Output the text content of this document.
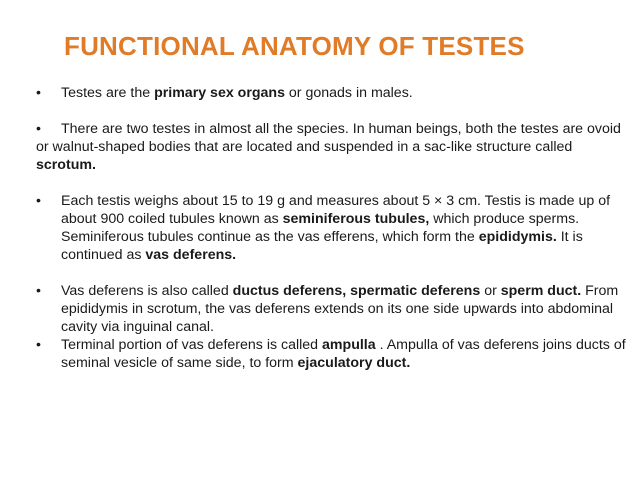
FUNCTIONAL ANATOMY OF TESTES
• Testes are the primary sex organs or gonads in males.
• There are two testes in almost all the species. In human beings, both the testes are ovoid or walnut-shaped bodies that are located and suspended in a sac-like structure called scrotum.
• Each testis weighs about 15 to 19 g and measures about 5 × 3 cm. Testis is made up of about 900 coiled tubules known as seminiferous tubules, which produce sperms. Seminiferous tubules continue as the vas efferens, which form the epididymis. It is continued as vas deferens.
• Vas deferens is also called ductus deferens, spermatic deferens or sperm duct. From epididymis in scrotum, the vas deferens extends on its one side upwards into abdominal cavity via inguinal canal.
• Terminal portion of vas deferens is called ampulla . Ampulla of vas deferens joins ducts of seminal vesicle of same side, to form ejaculatory duct.
